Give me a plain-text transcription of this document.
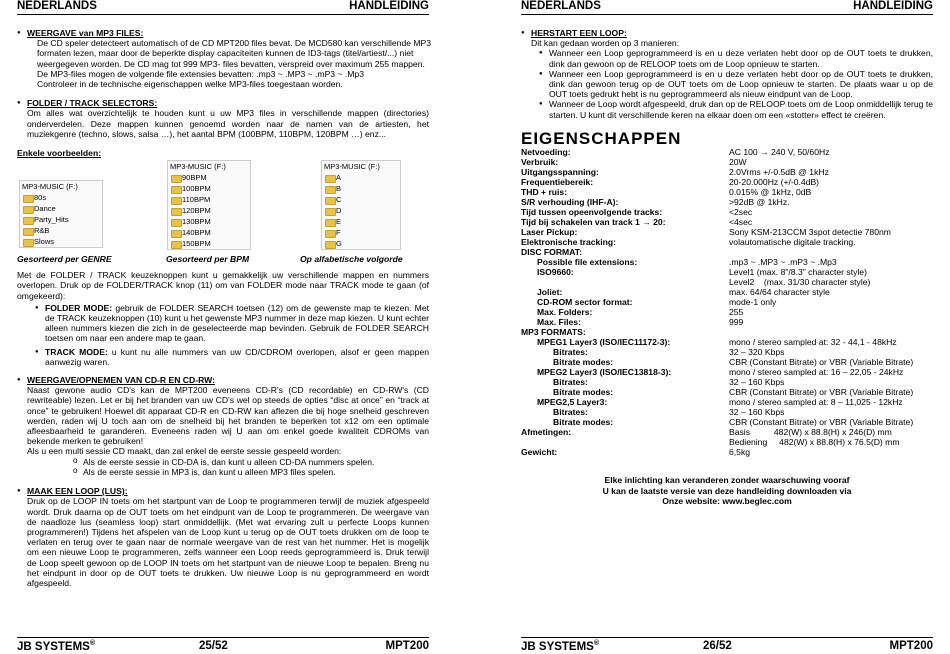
NEDERLANDS	HANDLEIDING
● WEERGAVE van MP3 FILES:
De CD speler detecteert automatisch of de CD MPT200 files bevat. De MCD580 kan verschillende MP3
formaten lezen, maar door de beperkte display capaciteiten kunnen de ID3-tags (titel/artiest/...) niet
weergegeven worden. De CD mag tot 999 MP3- files bevatten, verspreid over maximum 255 mappen.
De MP3-files mogen de volgende file extensies bevatten: .mp3 ~ .MP3 ~ .mP3 ~ .Mp3
Controleer in de technische eigenschappen welke MP3-files toegestaan worden.
● FOLDER / TRACK SELECTORS:
Om alles wat overzichtelijk te houden kunt u uw MP3 files in verschillende mappen (directories) onderverdelen. Deze mappen kunnen genoemd worden naar de namen van de artiesten, het muziekgenre (techno, slows, salsa …), het aantal BPM (100BPM, 110BPM, 120BPM …) enz...
Enkele voorbeelden:
MP3-MUSIC (F:)
80s
Dance
Party_Hits
R&B
Slows
Gesorteerd per GENRE
MP3-MUSIC (F:)
90BPM
100BPM
110BPM
120BPM
130BPM
140BPM
150BPM
Gesorteerd per BPM
MP3-MUSIC (F:)
A
B
C
D
E
F
G
Op alfabetische volgorde
Met de FOLDER / TRACK keuzeknoppen kunt u gemakkelijk uw verschillende mappen en nummers overlopen. Druk op de FOLDER/TRACK knop (11) om van FOLDER mode naar TRACK mode te gaan (of omgekeerd):
● FOLDER MODE: gebruik de FOLDER SEARCH toetsen (12) om de gewenste map te kiezen. Met de TRACK keuzeknoppen (10) kunt u het gewenste MP3 nummer in deze map kiezen. U kunt echter alleen nummers kiezen die zich in de geselecteerde map bevinden. Gebruik de FOLDER SEARCH toetsen om naar een andere map te gaan.
● TRACK MODE: u kunt nu alle nummers van uw CD/CDROM overlopen, alsof er geen mappen aanwezig waren.
● WEERGAVE/OPNEMEN VAN CD-R EN CD-RW:
Naast gewone audio CD's kan de MPT200 eveneens CD-R's (CD recordable) en CD-RW's (CD rewriteable) lezen. Let er bij het branden van uw CD's wel op steeds de opties “disc at once” en “track at once” te gebruiken! Hoewel dit apparaat CD-R en CD-RW kan aflezen die bij hoge snelheid geschreven werden, raden wij U toch aan om de snelheid bij het branden te beperken tot x12 om een optimale afleesbaarheid te garanderen. Eveneens raden wij U aan om enkel goede kwaliteit CDROMs van bekende merken te gebruiken!
Als u een multi sessie CD maakt, dan zal enkel de eerste sessie gespeeld worden:
o Als de eerste sessie in CD-DA is, dan kunt u alleen CD-DA nummers spelen.
o Als de eerste sessie in MP3 is, dan kunt u alleen MP3 files spelen.
● MAAK EEN LOOP (LUS):
Druk op de LOOP IN toets om het startpunt van de Loop te programmeren terwijl de muziek afgespeeld wordt. Druk daarna op de OUT toets om het eindpunt van de Loop te programmeren. De weergave van de naadloze lus (seamless loop) start onmiddellijk. (Met wat ervaring zult u perfecte Loops kunnen programmeren!) Tijdens het afspelen van de Loop kunt u terug op de OUT toets drukken om de loop te verlaten en terug over te gaan naar de normale weergave van de rest van het nummer. Het is mogelijk om een nieuwe Loop te programmeren, zelfs wanneer een Loop reeds geprogrammeerd is. Druk terwijl de Loop speelt gewoon op de LOOP IN toets om het startpunt van de nieuwe Loop te bepalen. Breng nu het eindpunt in door op de OUT toets te drukken. Uw nieuwe Loop is nu geprogrammeerd en wordt afgespeeld.
JB SYSTEMS®	25/52	MPT200
NEDERLANDS	HANDLEIDING
● HERSTART EEN LOOP:
Dit kan gedaan worden op 3 manieren:
● Wanneer een Loop geprogrammeerd is en u deze verlaten hebt door op de OUT toets te drukken, dink dan gewoon op de RELOOP toets om de Loop opnieuw te starten.
● Wanneer een Loop geprogrammeerd is en u deze verlaten hebt door op de OUT toets te drukken, dink dan gewoon terug op de OUT toets om de Loop opnieuw te starten. De plaats waar u op de OUT toets gedrukt hebt is nu geprogrammeerd als nieuw eindpunt van de Loop.
● Wanneer de Loop wordt afgespeeld, druk dan op de RELOOP toets om de Loop onmiddellijk terug te starten. U kunt dit verschillende keren na elkaar doen om een «stotter» effect te creëren.
EIGENSCHAPPEN
Netvoeding:	AC 100 → 240 V, 50/60Hz
Verbruik:	20W
Uitgangsspanning:	2.0Vrms +/-0.5dB @ 1kHz
Frequentiebereik:	20-20.000Hz (+/-0.4dB)
THD + ruis:	0.015% @ 1kHz, 0dB
S/R verhouding (IHF-A):	>92dB @ 1kHz.
Tijd tussen opeenvolgende tracks:	<2sec
Tijd bij schakelen van track 1 → 20:	<4sec
Laser Pickup:	Sony KSM-213CCM 3spot detectie 780nm
Elektronische tracking:	volautomatische digitale tracking.
DISC FORMAT:	
Possible file extensions:	.mp3 ~ .MP3 ~ .mP3 ~ .Mp3
ISO9660:	Level1 (max. 8"/8.3" character style)
	Level2    (max. 31/30 character style)
Joliet:	max. 64/64 character style
CD-ROM sector format:	mode-1 only
Max. Folders:	255
Max. Files:	999
MP3 FORMATS:	
MPEG1 Layer3 (ISO/IEC11172-3):	mono / stereo sampled at: 32 - 44,1 - 48kHz
Bitrates:	32 – 320 Kbps
Bitrate modes:	CBR (Constant Bitrate) or VBR (Variable Bitrate)
MPEG2 Layer3 (ISO/IEC13818-3):	mono / stereo sampled at: 16 – 22,05 - 24kHz
Bitrates:	32 – 160 Kbps
Bitrate modes:	CBR (Constant Bitrate) or VBR (Variable Bitrate)
MPEG2,5 Layer3:	mono / stereo sampled at: 8 – 11,025 - 12kHz
Bitrates:	32 – 160 Kbps
Bitrate modes:	CBR (Constant Bitrate) or VBR (Variable Bitrate)
Afmetingen:	Basis          482(W) x 88.8(H) x 246(D) mm
	Bediening     482(W) x 88.8(H) x 76.5(D) mm
Gewicht:	6,5kg
Elke inlichting kan veranderen zonder waarschuwing vooraf
U kan de laatste versie van deze handleiding downloaden via
Onze website: www.beglec.com
JB SYSTEMS®	26/52	MPT200
